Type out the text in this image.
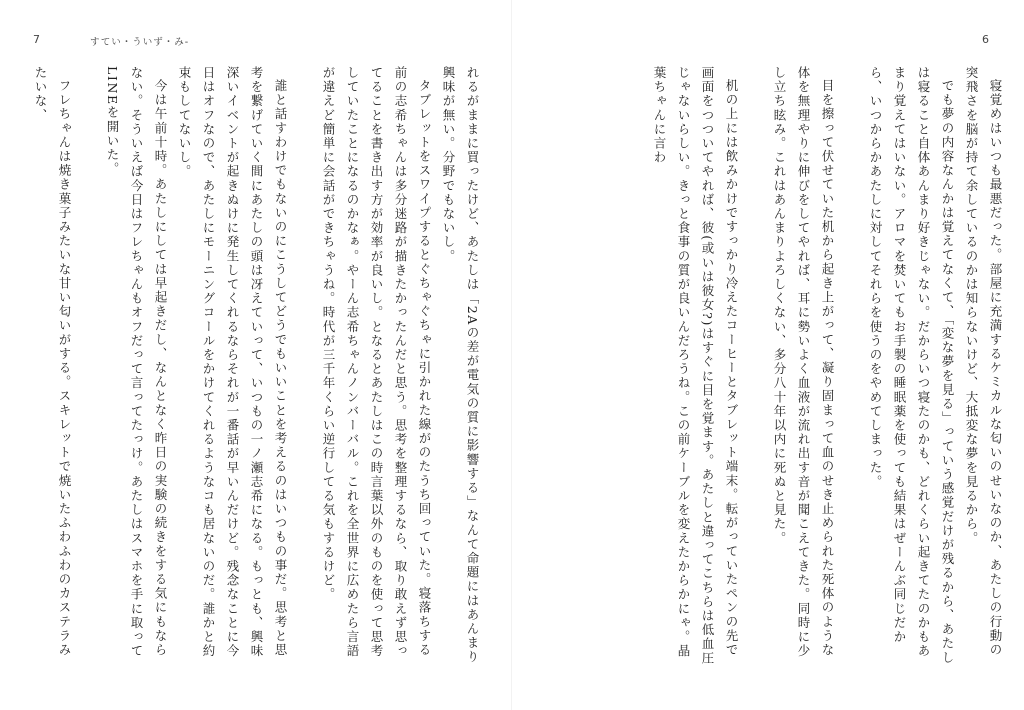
7	すてい・ういず・み-

れるがままに買ったけど、あたしは「2Aの差が電気の質に影響する」なんて命題にはあんまり興味が無い。分野でもないし。

タブレットをスワイプするとぐちゃぐちゃに引かれた線がのたうち回っていた。寝落ちする前の志希ちゃんは多分迷路が描きたかったんだと思う。思考を整理するなら、取り敢えず思ってることを書き出す方が効率が良いし。となるとあたしはこの時言葉以外のものを使って思考していたことになるのかなぁ。やーん志希ちゃんノンバーバル。これを全世界に広めたら言語が違えど簡単に会話ができちゃうね。時代が三千年くらい逆行してる気もするけど。

誰と話すわけでもないのにこうしてどうでもいいことを考えるのはいつもの事だ。思考と思考を繋げていく間にあたしの頭は冴えていって、いつもの一ノ瀬志希になる。もっとも、興味深いイベントが起きぬけに発生してくれるならそれが一番話が早いんだけど。残念なことに今日はオフなので、あたしにモーニングコールをかけてくれるようなコも居ないのだ。誰かと約束もしてないし。

今は午前十時。あたしにしては早起きだし、なんとなく昨日の実験の続きをする気にもならない。そういえば今日はフレちゃんもオフだって言ってたっけ。あたしはスマホを手に取ってLINEを開いた。

フレちゃんは焼き菓子みたいな甘い匂いがする。スキレットで焼いたふわふわのカステラみたいな、

6

寝覚めはいつも最悪だった。部屋に充満するケミカルな匂いのせいなのか、あたしの行動の突飛さを脳が持て余しているのかは知らないけど、大抵変な夢を見るから。

でも夢の内容なんかは覚えてなくて、「変な夢を見る」っていう感覚だけが残るから、あたしは寝ること自体あんまり好きじゃない。だからいつ寝たのかも、どれくらい起きてたのかもあまり覚えてはいない。アロマを焚いてもお手製の睡眠薬を使っても結果はぜーんぶ同じだから、いつからかあたしに対してそれらを使うのをやめてしまった。

目を擦って伏せていた机から起き上がって、凝り固まって血のせき止められた死体のような体を無理やりに伸びをしてやれば、耳に勢いよく血液が流れ出す音が聞こえてきた。同時に少し立ち眩み。これはあんまりよろしくない、多分八十年以内に死ぬと見た。

机の上には飲みかけですっかり冷えたコーヒーとタブレット端末。転がっていたペンの先で画面をつついてやれば、彼(或いは彼女?)はすぐに目を覚ます。あたしと違ってこちらは低血圧じゃないらしい。きっと食事の質が良いんだろうね。この前ケーブルを変えたからかにゃ。晶葉ちゃんに言わ
